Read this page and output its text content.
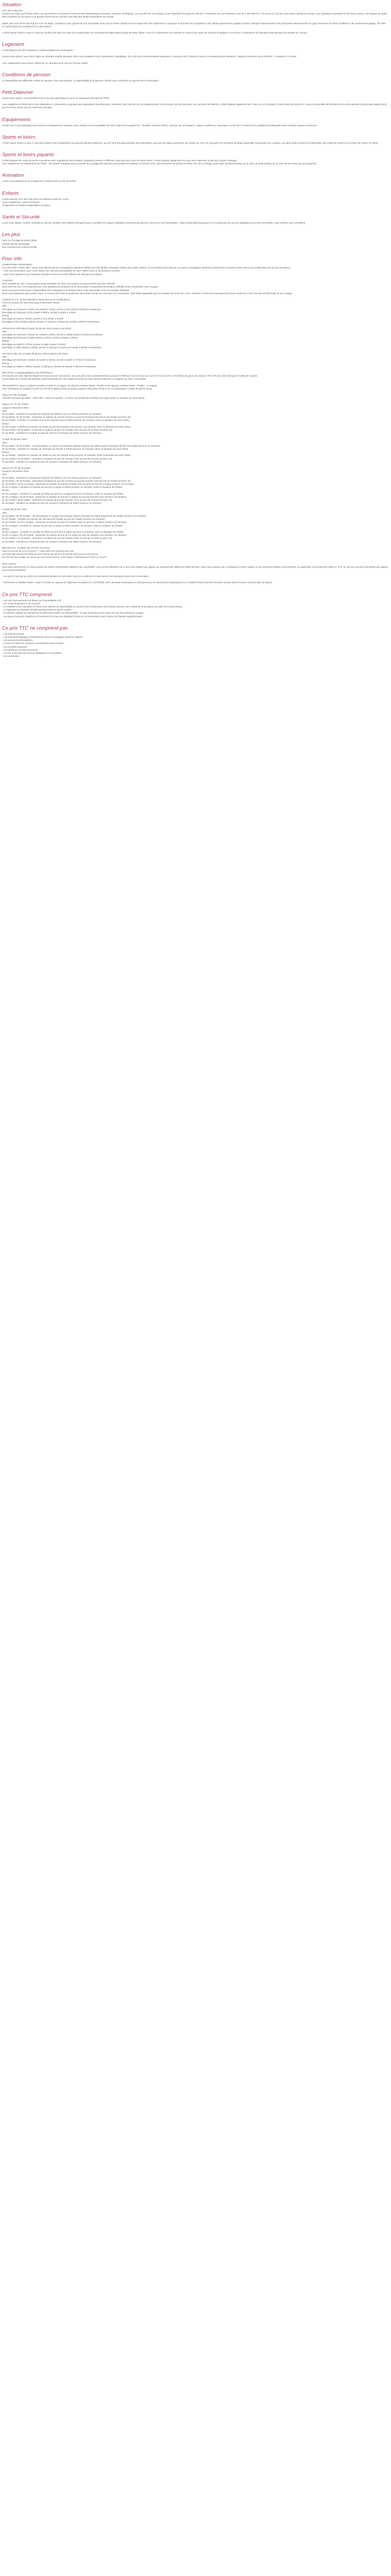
Situation
LES SEYCHELLES :
Perdues au cœur de l'Océan Indien, les Seychelles se trouvent au nord-est des Mascareignes (Réunion, Maurice, Rodrigues). Les 115 îles de cet archipel, d'une superficie émergée de 455 km², s'étendent sur une immense zone de 1 400 000 km². On trouve ici l'un des plus beaux climats du monde, une végétation luxuriante et une faune unique. Des plages de sable blanc bordées de cocotiers et de granits roses font de ces îles l'une des plus belles destinations au monde.
Mahé, avec ses 28 km de long sur 8 km de large, constitue la plus grande île des Seychelles ainsi que le centre culturel et économique des îles Intérieures et regroupe la majorité de la population. Elle abrite également la capitale Victoria, l'aéroport international et les principales infrastructures du pays. Entourée de récifs coralliens et de nombreuses plages, l'île offre un cadre idéal pour la détente et la découverte.
L'Hôtel Savoy Resort & Spa 5* (normes locales) est situé au cœur d'un grand jardin au nord-ouest de Mahé dans la baie de Beau Vallon. Il est à 5,5 kilomètres (10 minutes en voiture) du centre de Victoria la capitale et à environ 14 kilomètres de l'aéroport international (25 minutes en voiture).
Logement
L'hôtel dispose de 160 chambres et suites élégamment aménagées.
Durant votre séjour, vous serez logés en chambre double standard. Elles sont équipées d'une climatisation individuelle, d'un mini-bar (consommations payantes), connexion Wi-Fi gratuit et balcon ou terrasse privée meublée. Capacité maximale de la chambre : 2 adultes et 1 enfant.
Avec supplément vous pouvez séjourner en chambre avec vue sur l'Océan Indien.
Conditions de pension
La disponibilité des différents modes de pension n'est pas garantie. La disponibilité de la pension choisie sera confirmée au moment de la réservation.
Petit Déjeuner
Durant votre séjour, vous bénéficiez de la formule petit-déjeuner servi au restaurant principal de l'hôtel.
Avec supplément l'hôtel met à votre disposition 4 restaurants, proposant des spécialités internationales, indiennes, des fruits de mer et la gastronomie créole autour de ses bars pour vos moments de détente. L'hôtel dispose également de 2 bars, un sur la plage et l'autre près de la piscine. Il vous est possible de bénéficier de la demi-pension (moyennant supplément) qui vous sera servie soit au restaurant principal.
Equipements
L'hôtel met à votre disposition les services et équipements suivants, dont certains sont susceptibles de faire l'objet d'un supplément : réception ouverte 24h/24, services de conciergerie, espace conférence, ascenseur, accès Wi-Fi à internet (en supplément) disponible dans certains espaces communs.
Sports et loisirs
L'hôtel Savoy Resort & Spa 5* (normes locales) met à disposition une grande piscine extérieure, qui est l'une des plus grandes des Seychelles, ainsi qu'une plage à proximité qui s'étale sur 3 km de long (prêt de serviettes de plage disponible moyennant une caution). Les plus actifs trouveront à disposition des courts de tennis et un centre de remise en forme.
Sports et loisirs payants
L'hôtel dispose de courts de tennis et propose avec supplément des activités, lesquelles peuvent s'effectuer ainsi que des cours de tennis privé. L'Hôtel dispose également d'un spa avec hammam et piscine à hydro-massage.
Avec supplément et indépendant de l'hôtel : des sports nautiques sont proposés sur la plage tels que des promenades en bateaux à fond de verre, des excursions de pêche en haute mer, de la plongée avec tuba, du kite boarding, de la voile, du wind-surfing, du scooter de mer ainsi que du parapente.
Animation
L'hôtel vous propose de la musique live certains soirs au bar de l'hôtel.
Enfants
L'hôtel dispose d'un mini club pour les enfants à partir de 4 ans*.
*avec supplément : garde d'enfants.
*Programme et horaires disponibles sur place.
Santé et Sécurité
Avant votre départ, veuillez consulter le site du ministère des Affaires étrangères pour connaître les risques sanitaires éventuels qui peuvent concerner votre destination : https://www.diplomatie.gouv.fr (Il n'existe pas de vaccins obligatoires pour les Seychelles, mais certains sont conseillés).
Les plus
Situé sur la plage de Beau Vallon
Grande piscine aménagée
Des activités pour toute la famille
Pour info
COMPAGNIES AÉRIENNES :
Les vols Paris / Mahé aller / retour sont opérés par les compagnies régulières Etihad (via Abu Dhabi), Ethiopian Airlines (via Addis Abeba), Air Seychelles (vols directs), ou autres compagnies aériennes (informations données sous réserve de modification par le tour opérateur).
- Pour tout information, pour votre séjour, les vols sont susceptibles de faire l'objet d'une ou de plusieurs escales.
- Nous vous signalons que l'aéroport d'arrivée à Paris peut être différent de l'aéroport de départ.
À NOTER :
Tous horaires de vols communiqués avant réception de votre convocation ne peuvent être qu'à titre indicatif.
Dans tous les cas, il est impératif que vous attendiez la réception de la convocation comprenant les horaires définitifs avant de planifier votre voyage.
Nous ne pouvons être tenus responsables d'un changement d'horaires entre votre réservation et la convocation définitive.
Nous vous rappelons que la date retour en France peut être le lendemain de la date inscrite sur votre Bon de Commande. Tarif établi applicable pour les enfants de moins de 2 ans. Attention, le tarif doit impérativement jouer moins de 2 ans à la date de RETOUR de son voyage.
Horaires de vol : (à titre indicatif et sous réserve de modification)
ETIHAD (à partir de mai 2015 jusqu'à décembre 2015) :
Aller :
Décollage de l'aéroport Charles de Gaulle à 21h55, arrivée à Abu Dhabi à 06h50 le lendemain.
Décollage de l'aéroport d'Abu Dhabi à 08h05, arrivée à Mahé à 12h55
Retour :
Décollage de Mahé à 20h05, arrivée à Abu Dhabi à 01h05.
Décollage d'Abu Dhabi à 02h30, arrivée à l'aéroport Charles de Gaulle à 08h00 le lendemain.
ETHIOPIAN AIRLINES (à partir de janvier 2016 jusqu'à mai 2016)
Aller :
Décollage de l'aéroport Charles de Gaulle à 22h25, arrivée à Addis Abeba à 07h15 le lendemain.
Décollage de l'aéroport d'Addis Abeba à 10h10, arrivée à Mahé à 15h25
Retour :
Décollage de Mahé à 17h15, arrivée à Addis Abeba à 20h30.
Décollage d'Addis Abeba à 23h55, arrivée à l'aéroport Charles de Gaulle à 05h30 le lendemain.
AIR SEYCHELLES (à partir de janvier 2016 jusqu'à avril 2016)
Aller :
Décollage de l'aéroport Charles de Gaulle à 18h15, arrivée à Mahé à 07h05 le lendemain.
Retour :
Décollage de Mahé à 22h50, arrivée à l'aéroport Charles de Gaulle à 06h00 le lendemain.
PRE-POST ACHEMINEMENTS DE PROVINCE :
En fonction de votre date de départ et de leur accord commercial, vous est prié d'avoir acheminements pourront s'effectuer soit en avion sur vols Air France soit en TGV (liste de gares de province TGV AIR via CDG l'aéroport Charles de Gaulle).
Les horaires et le mode des pré/post acheminements de votre départ de province vous seront confirmés à réception de votre convocation.
TRANSFERTS : (pour le séjours à Mahé, Praslin et La Digue, les séjours combiné Mahé - Praslin et les séjours combiné Mahé - Praslin - La Digue).
Pour information le transfert ALLER sur l'île de Praslin se fera en bateau jusqu'en décembre 2015 et en vol domestique à partir de janvier 2016.
Séjour sur l'île de Mahé :
Transfert aéroport de Mahé - hôtel aller / retour en navette : (environ 30 minutes de transfert par trajet) (selon la situation de votre hôtel).
Séjour sur l'île de Praslin :
Jusqu'en décembre 2015 :
Aller :
Ile de Mahé : transfert en navette de l'aéroport de Mahé à port de Victoria (environ 20 minutes).
Ile de Mahé / Ile de Praslin : traversée en bateau du port de Victoria au port de Grande Anse de l'Ile de Praslin (environ 1h).
Ile de Praslin : transfert en navette du port de Grande Anse à l'hôtel (environ 15 minutes, selon la situation de votre hôtel).
Retour :
Ile de Praslin : transfert en navette de l'hôtel au port de Grande Anse (environ 15 minutes, selon la situation de votre hôtel).
Ile de Praslin / Ile de Mahé : traversée en bateau du port de Grande Anse au port de Victoria (environ 1h).
Ile de Mahé : transfert en navette du port de Victoria à l'aéroport de Mahé (environ 20 minutes).
À partir de janvier 2016 :
Aller :
Ile de Mahé / Ile de Praslin : vol domestique en classe économique depuis l'aéroport de Mahé jusqu'à l'aéroport de l'île de Praslin (environ 20 minutes).
Ile de Praslin : transfert en navette de l'aéroport de Praslin à l'hôtel (environ 10 minutes, selon la situation de votre hôtel).
Retour :
Ile de Praslin : transfert en navette de l'hôtel au port de Grande Anse (environ 15 minutes, selon la situation de votre hôtel).
Ile de Praslin / Ile de Mahé : traversée en bateau du port de Grande Anse au port de Victoria (environ 1h).
Ile de Mahé : transfert en navette du port de Victoria à l'aéroport de Mahé (environ 20 minutes).
Séjour sur l'île de La Digue :
Jusqu'en décembre 2015 :
Aller :
Ile de Mahé : transfert en navette de l'aéroport de Mahé à port de Victoria (environ 20 minutes).
Ile de Mahé / Ile de Praslin : traversée en bateau du port de Victoria au port de Grande Anse de l'Ile de Praslin (environ 1h).
Ile de Praslin / Ile de La Digue : traversée en bateau du port de Grande Anse au port de l'île de La Digue (environ 15 minutes).
Ile de La Digue : transfert en navette du port de La Digue à l'hôtel (environ 10 minutes, selon la situation de l'hôtel).
Retour :
Ile de La Digue : transfert en navette de l'hôtel au port de La Digue (environ 10 minutes, selon la situation de l'hôtel).
Ile de La Digue / Ile de Praslin : traversée en bateau du port de La Digue au port de Grande Anse (environ 15 minutes).
Ile de Praslin / Ile de Mahé : traversée en bateau du port de Grande Anse au port de Victoria (environ 1h).
Ile de Mahé : transfert en navette du port de Victoria à l'aéroport de Mahé (environ 20 minutes).
À partir de janvier 2016 :
Aller :
Ile de Mahé / Ile de Praslin : vol domestique en classe économique depuis l'aéroport de Mahé jusqu'à l'île de Praslin (environ 20 minutes).
Ile de Praslin : transfert en navette de l'aéroport de Praslin au port de Praslin (environ 20 minutes).
Ile de Praslin / Ile de La Digue : traversée en bateau du port de Grande Anse au port de La Digue (environ 15 minutes).
Ile de La Digue : transfert en navette du port de La Digue à l'hôtel (environ 10 minutes, selon la situation de l'hôtel).
Retour :
Ile de La Digue : transfert en navette de l'hôtel au port de La Digue (environ 10 minutes, selon la situation de l'hôtel).
Ile de La Digue / Ile de Praslin : traversée en bateau du port de La Digue au port de Grande Anse (environ 15 minutes).
Ile de Praslin / Ile de Mahé : traversée en bateau du port de Grande Anse au port de Victoria (environ 1h).
Ile de Mahé : transfert en navette du port de Victoria à l'aéroport de Mahé (environ 20 minutes).
IMPORTANT : DURÉE DE VOTRE VOYAGE :
Votre circuit est de 9 ou 10 jours / 7 nuits selon les horaires des vols.
Les vols aller peuvent se faire de jour comme de nuit et il en est de même pour le vol retour.
En fonction du vol aller ou retour qui vous sera réservé, votre séjour s'effectuera en 9 j/7n ou 10 j/7n.
INFO HOTEL :
Vous avez sélectionné un hôtel proposé de même classification hôtelière aux Seychelles. Les normes affichées sur le site sont établies par rapport au standard des différents hôtels des îles. Nous vous invitons par conséquent à rester vigilant sur les éventuels détails recommandés, en particulier concernant les hôtels 2* et 3* et* qui sont souvent surclassés par rapport aux normes françaises.
- Les prix en vol (au jour près) au comportant arrivée en nuit réelle, vous les conditions et vous seront communiqués dans votre convocation.
- Personnes à mobilité réduite : Suite à l'entrée en vigueur du règlement européen EU 1107/2006, toute demande d'assistance à l'aéroport pour les personnes handicapées ou à mobilité réduite doit être formulée au plus tard 48 heures avant la date de départ.
Ce prix TTC comprend
- Les vols internationaux au départ de France/Mahé A/R,
- Les taxes d'aéroport et de sécurité,
- Le transfert entre l'aéroport et l'hôtel sous réserve de disponibilité au moment de la réservation (information donnée sur le détail de la prestation ou suite de la réservation),
- Le logement en chambre double standard selon la durée choisie,
- La pension valable au moment de la réservation (selon sa disponibilité) : le type de pension sera repris sur vos documents de voyage,
- Les taxes d'aéroport (système à l'évolution) et le taux de solidarité (inclus sur la réservation) sous réserve de hausse supplémentaire.
Ce prix TTC ne comprend pas
- Les frais de dossier,
- Les éventuels bagages excédentaires selon la compagnie aérienne utilisée,
- Les assurances facultatives,
- La taxe de sortie du territoire et éventuelles taxes locales,
- Les activités payantes,
- Les dépenses d'ordre personnel,
- Le visa et les frais de services obligatoires et accidents,
- Les pourboires.
